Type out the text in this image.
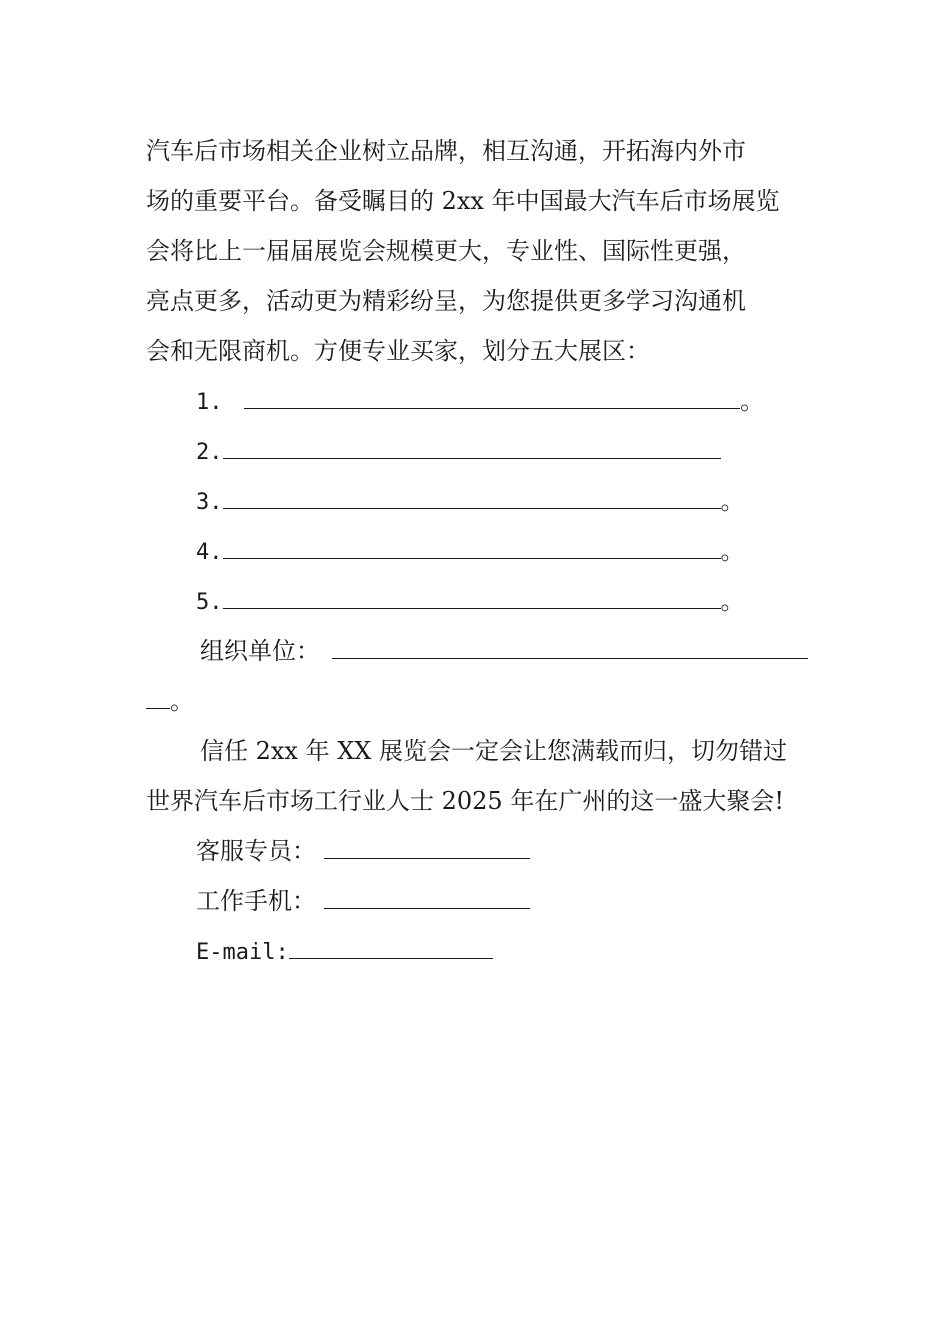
汽车后市场相关企业树立品牌，相互沟通，开拓海内外市
场的重要平台。备受瞩目的 2xx 年中国最大汽车后市场展览
会将比上一届届展览会规模更大，专业性、国际性更强，
亮点更多，活动更为精彩纷呈，为您提供更多学习沟通机
会和无限商机。方便专业买家，划分五大展区：
1.	。
2.
3.	。
4.	。
5.	。
组织单位：
。
信任 2xx 年 XX 展览会一定会让您满载而归，切勿错过
世界汽车后市场工行业人士 2025 年在广州的这一盛大聚会!
客服专员：
工作手机：
E-mail:
